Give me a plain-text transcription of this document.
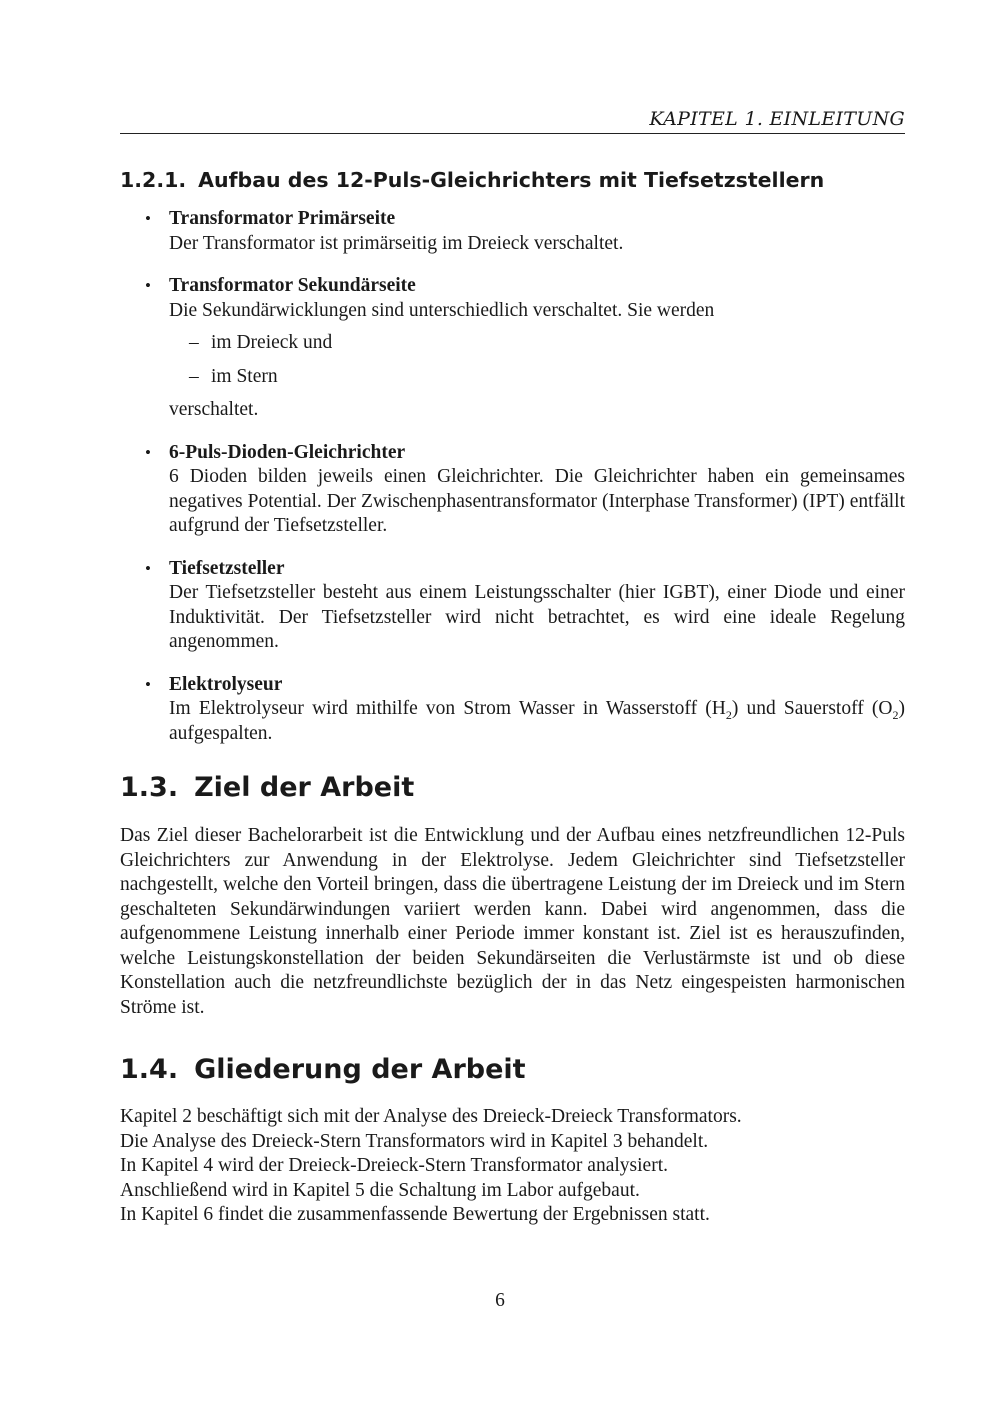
KAPITEL 1. EINLEITUNG
1.2.1. Aufbau des 12-Puls-Gleichrichters mit Tiefsetzstellern
• Transformator Primärseite
Der Transformator ist primärseitig im Dreieck verschaltet.
• Transformator Sekundärseite
Die Sekundärwicklungen sind unterschiedlich verschaltet. Sie werden
– im Dreieck und
– im Stern
verschaltet.
• 6-Puls-Dioden-Gleichrichter
6 Dioden bilden jeweils einen Gleichrichter. Die Gleichrichter haben ein gemeinsames negatives Potential. Der Zwischenphasentransformator (Interphase Transformer) (IPT) entfällt aufgrund der Tiefsetzsteller.
• Tiefsetzsteller
Der Tiefsetzsteller besteht aus einem Leistungsschalter (hier IGBT), einer Diode und einer Induktivität. Der Tiefsetzsteller wird nicht betrachtet, es wird eine ideale Regelung angenommen.
• Elektrolyseur
Im Elektrolyseur wird mithilfe von Strom Wasser in Wasserstoff $(H_2)$ und Sauerstoff $(O_2)$ aufgespalten.
1.3. Ziel der Arbeit
Das Ziel dieser Bachelorarbeit ist die Entwicklung und der Aufbau eines netzfreundlichen 12-Puls Gleichrichters zur Anwendung in der Elektrolyse. Jedem Gleichrichter sind Tiefsetzsteller nachgestellt, welche den Vorteil bringen, dass die übertragene Leistung der im Dreieck und im Stern geschalteten Sekundärwindungen variiert werden kann. Dabei wird angenommen, dass die aufgenommene Leistung innerhalb einer Periode immer konstant ist. Ziel ist es herauszufinden, welche Leistungskonstellation der beiden Sekundärseiten die Verlustärmste ist und ob diese Konstellation auch die netzfreundlichste bezüglich der in das Netz eingespeisten harmonischen Ströme ist.
1.4. Gliederung der Arbeit
Kapitel 2 beschäftigt sich mit der Analyse des Dreieck-Dreieck Transformators.
Die Analyse des Dreieck-Stern Transformators wird in Kapitel 3 behandelt.
In Kapitel 4 wird der Dreieck-Dreieck-Stern Transformator analysiert.
Anschließend wird in Kapitel 5 die Schaltung im Labor aufgebaut.
In Kapitel 6 findet die zusammenfassende Bewertung der Ergebnissen statt.
6
